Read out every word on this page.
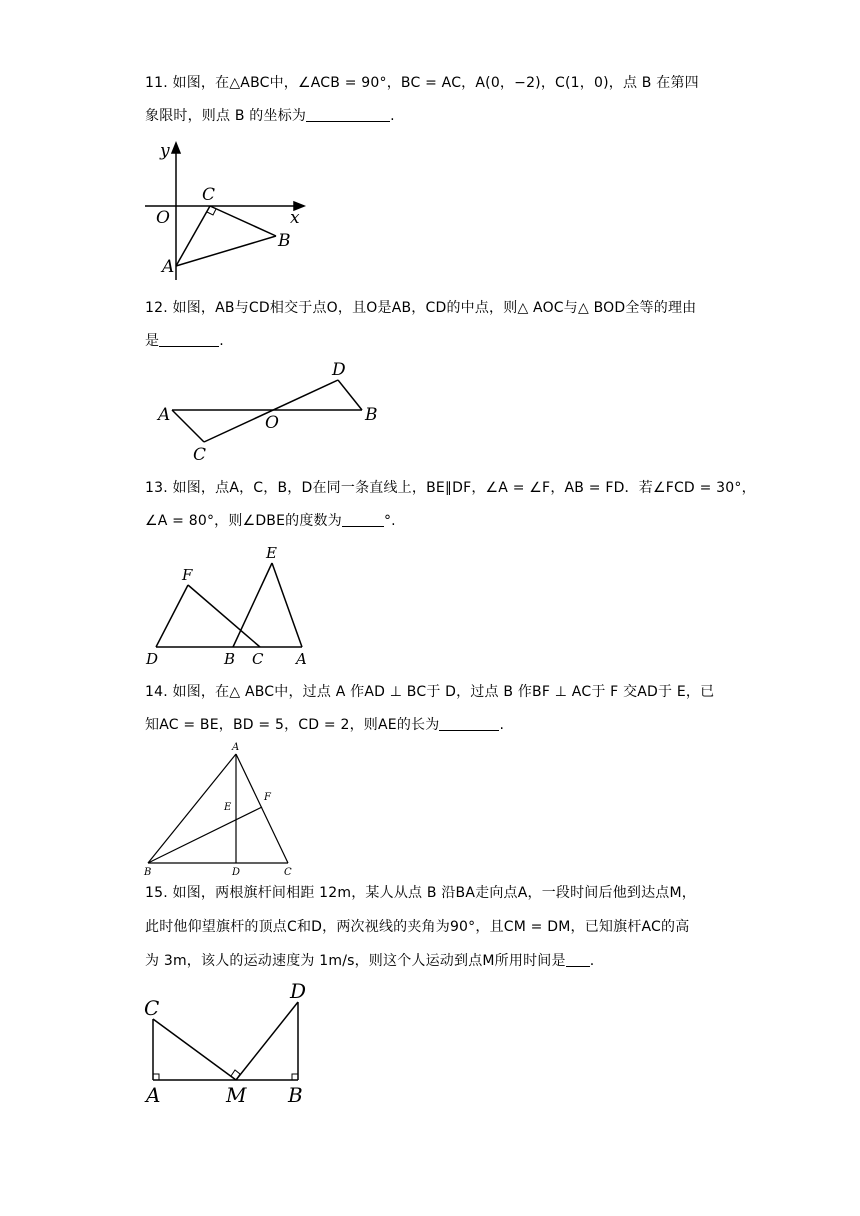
11. 如图，在△ABC中，∠ACB = 90°，BC = AC，A(0，−2)，C(1，0)，点 B 在第四
象限时，则点 B 的坐标为	.
y
C
O	x
B
A
12. 如图，AB与CD相交于点O，且O是AB，CD的中点，则△ AOC与△ BOD全等的理由
是	.
D
A	O	B
C
13. 如图，点A，C，B，D在同一条直线上，BE∥DF，∠A = ∠F，AB = FD．若∠FCD = 30°，
∠A = 80°，则∠DBE的度数为	°.
E
F
D	B C A
14. 如图，在△ ABC中，过点 A 作AD ⊥ BC于 D，过点 B 作BF ⊥ AC于 F 交AD于 E，已
知AC = BE，BD = 5，CD = 2，则AE的长为	.
A
F
E
B	D	C
15. 如图，两根旗杆间相距 12m，某人从点 B 沿BA走向点A，一段时间后他到达点M，
此时他仰望旗杆的顶点C和D，两次视线的夹角为90°，且CM = DM，已知旗杆AC的高
为 3m，该人的运动速度为 1m/s，则这个人运动到点M所用时间是 .
C
D
A	M B
